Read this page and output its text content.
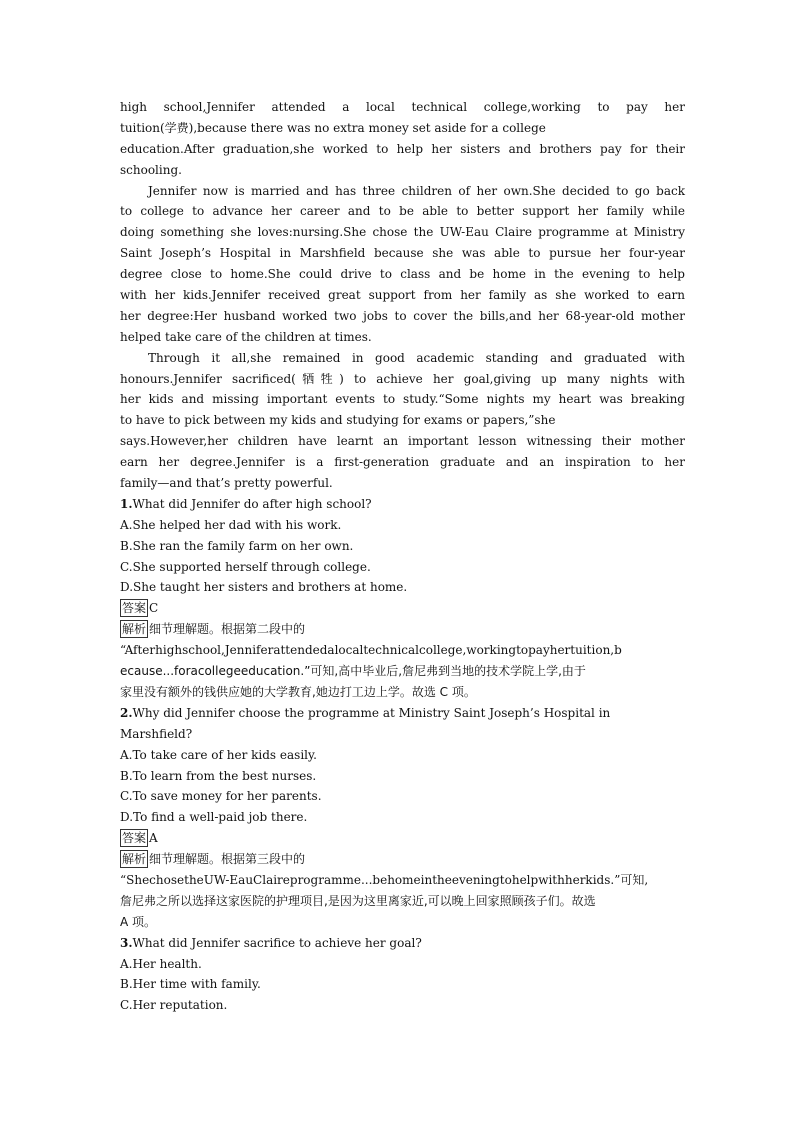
high school,Jennifer attended a local technical college,working to pay her
tuition(学费),because there was no extra money set aside for a college
education.After graduation,she worked to help her sisters and brothers pay for their
schooling.
Jennifer now is married and has three children of her own.She decided to go back
to college to advance her career and to be able to better support her family while
doing something she loves:nursing.She chose the UW-Eau Claire programme at Ministry
Saint Joseph’s Hospital in Marshfield because she was able to pursue her four-year
degree close to home.She could drive to class and be home in the evening to help
with her kids.Jennifer received great support from her family as she worked to earn
her degree:Her husband worked two jobs to cover the bills,and her 68-year-old mother
helped take care of the children at times.
Through it all,she remained in good academic standing and graduated with
honours.Jennifer sacrificed(牺牲) to achieve her goal,giving up many nights with
her kids and missing important events to study.“Some nights my heart was breaking
to have to pick between my kids and studying for exams or papers,”she
says.However,her children have learnt an important lesson witnessing their mother
earn her degree.Jennifer is a first-generation graduate and an inspiration to her
family—and that’s pretty powerful.
1.What did Jennifer do after high school?
A.She helped her dad with his work.
B.She ran the family farm on her own.
C.She supported herself through college.
D.She taught her sisters and brothers at home.
答案 C
解析 细节理解题。根据第二段中的
“Afterhighschool,Jenniferattendedalocaltechnicalcollege,workingtopayhertuition,b
ecause...foracollegeeducation.”可知,高中毕业后,詹尼弗到当地的技术学院上学,由于
家里没有额外的钱供应她的大学教育,她边打工边上学。故选 C 项。
2.Why did Jennifer choose the programme at Ministry Saint Joseph’s Hospital in
Marshfield?
A.To take care of her kids easily.
B.To learn from the best nurses.
C.To save money for her parents.
D.To find a well-paid job there.
答案 A
解析 细节理解题。根据第三段中的
“ShechosetheUW-EauClaireprogramme...behomeintheeveningtohelpwithherkids.”可知,
詹尼弗之所以选择这家医院的护理项目,是因为这里离家近,可以晚上回家照顾孩子们。故选
A 项。
3.What did Jennifer sacrifice to achieve her goal?
A.Her health.
B.Her time with family.
C.Her reputation.
